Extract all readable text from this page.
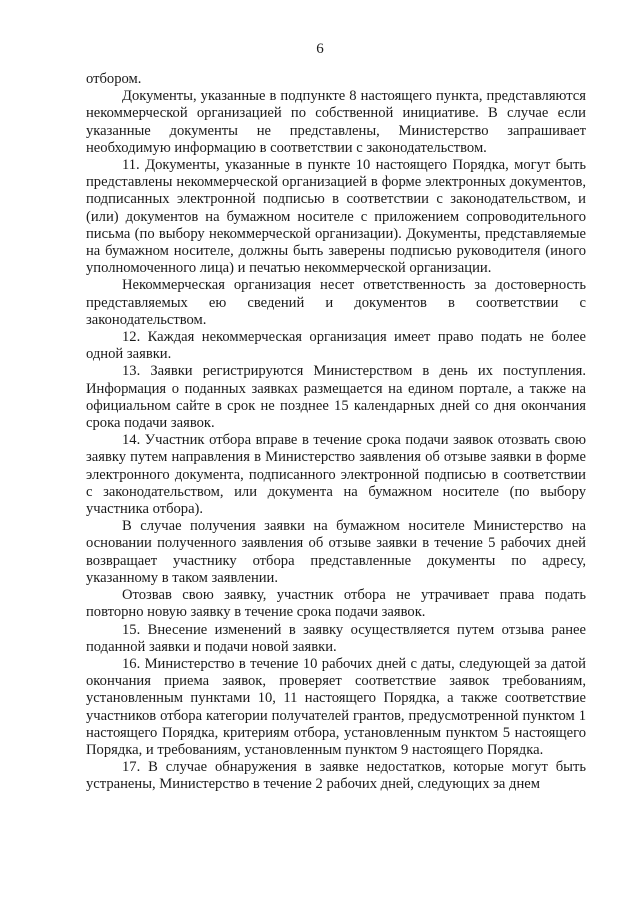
6

отбором.

Документы, указанные в подпункте 8 настоящего пункта, представляются некоммерческой организацией по собственной инициативе. В случае если указанные документы не представлены, Министерство запрашивает необходимую информацию в соответствии с законодательством.

11. Документы, указанные в пункте 10 настоящего Порядка, могут быть представлены некоммерческой организацией в форме электронных документов, подписанных электронной подписью в соответствии с законодательством, и (или) документов на бумажном носителе с приложением сопроводительного письма (по выбору некоммерческой организации). Документы, представляемые на бумажном носителе, должны быть заверены подписью руководителя (иного уполномоченного лица) и печатью некоммерческой организации.

Некоммерческая организация несет ответственность за достоверность представляемых ею сведений и документов в соответствии с законодательством.

12. Каждая некоммерческая организация имеет право подать не более одной заявки.

13. Заявки регистрируются Министерством в день их поступления. Информация о поданных заявках размещается на едином портале, а также на официальном сайте в срок не позднее 15 календарных дней со дня окончания срока подачи заявок.

14. Участник отбора вправе в течение срока подачи заявок отозвать свою заявку путем направления в Министерство заявления об отзыве заявки в форме электронного документа, подписанного электронной подписью в соответствии с законодательством, или документа на бумажном носителе (по выбору участника отбора).

В случае получения заявки на бумажном носителе Министерство на основании полученного заявления об отзыве заявки в течение 5 рабочих дней возвращает участнику отбора представленные документы по адресу, указанному в таком заявлении.

Отозвав свою заявку, участник отбора не утрачивает права подать повторно новую заявку в течение срока подачи заявок.

15. Внесение изменений в заявку осуществляется путем отзыва ранее поданной заявки и подачи новой заявки.

16. Министерство в течение 10 рабочих дней с даты, следующей за датой окончания приема заявок, проверяет соответствие заявок требованиям, установленным пунктами 10, 11 настоящего Порядка, а также соответствие участников отбора категории получателей грантов, предусмотренной пунктом 1 настоящего Порядка, критериям отбора, установленным пунктом 5 настоящего Порядка, и требованиям, установленным пунктом 9 настоящего Порядка.

17. В случае обнаружения в заявке недостатков, которые могут быть устранены, Министерство в течение 2 рабочих дней, следующих за днем
